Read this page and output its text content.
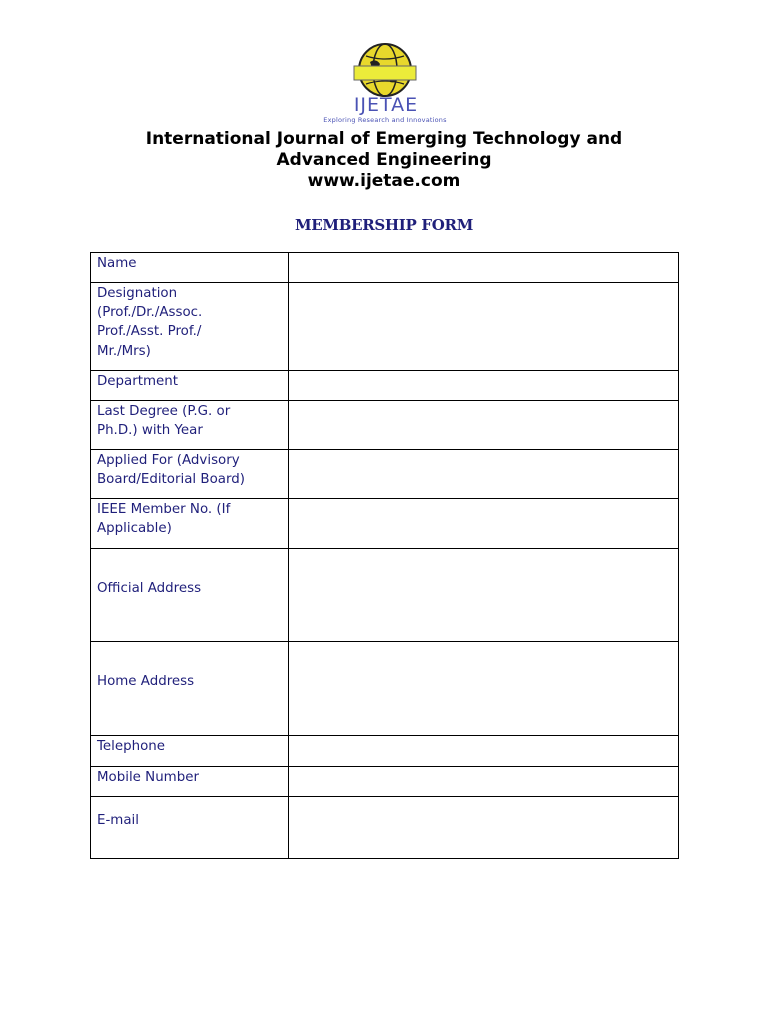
IJETAE
Exploring Research and Innovations
International Journal of Emerging Technology and
Advanced Engineering
www.ijetae.com
MEMBERSHIP FORM
Name	

Designation
(Prof./Dr./Assoc.
Prof./Asst. Prof./
Mr./Mrs)	

Department	

Last Degree (P.G. or
Ph.D.) with Year	

Applied For (Advisory
Board/Editorial Board)	

IEEE Member No. (If
Applicable)	

Official Address	

Home Address	

Telephone	

Mobile Number	

E-mail	
